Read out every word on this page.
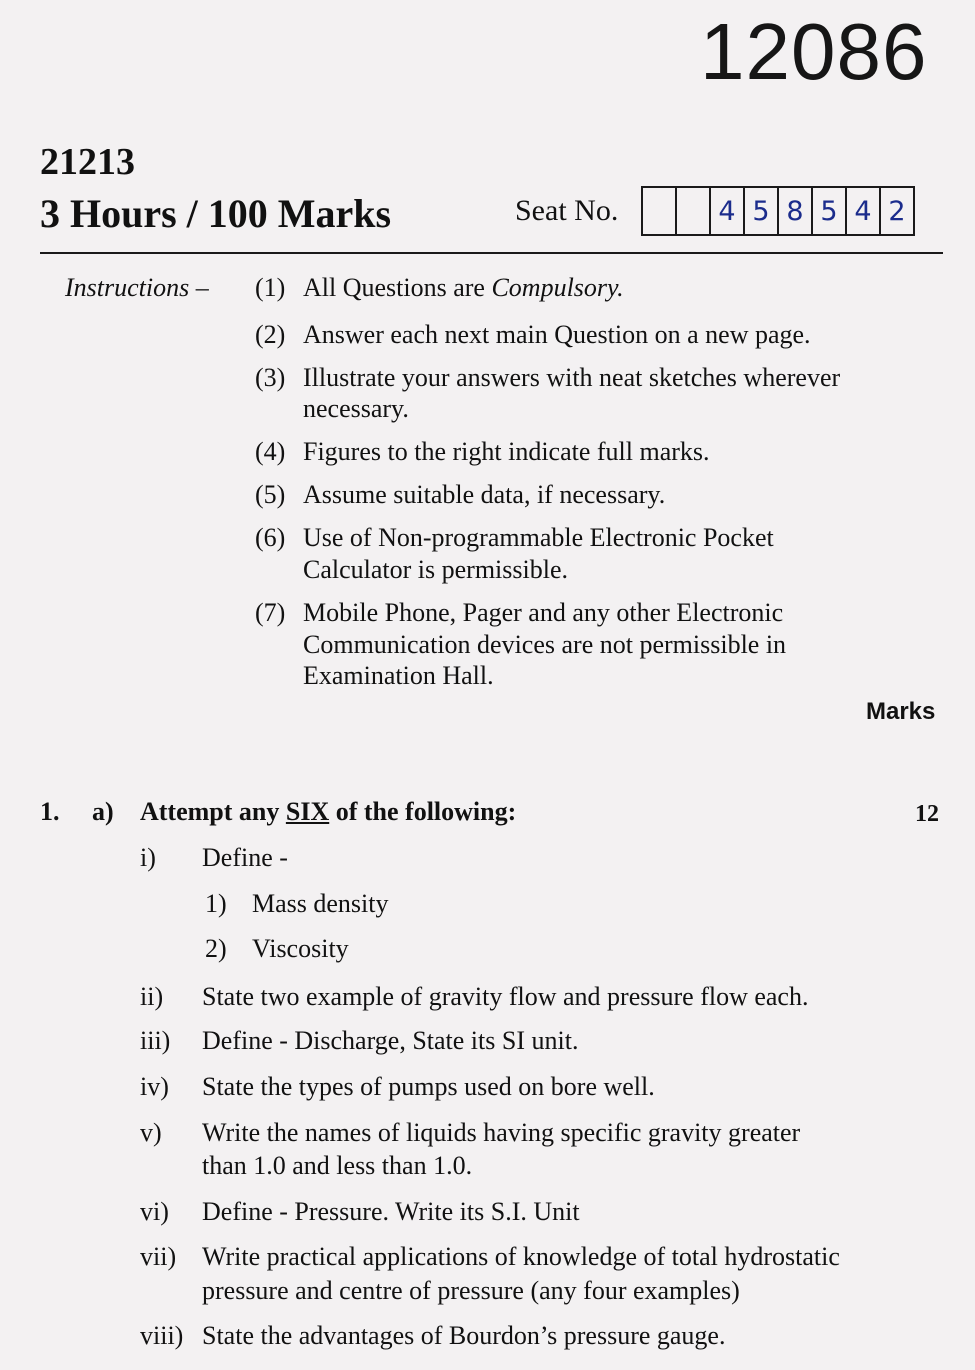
12086
21213
3 Hours / 100 Marks	Seat No.	4 5 8 5 4 2
Instructions – (1) All Questions are Compulsory.
(2) Answer each next main Question on a new page.
(3) Illustrate your answers with neat sketches wherever
necessary.
(4) Figures to the right indicate full marks.
(5) Assume suitable data, if necessary.
(6) Use of Non-programmable Electronic Pocket
Calculator is permissible.
(7) Mobile Phone, Pager and any other Electronic
Communication devices are not permissible in
Examination Hall.
Marks
1. a) Attempt any SIX of the following:	12
i) Define -
1) Mass density
2) Viscosity
ii) State two example of gravity flow and pressure flow each.
iii) Define - Discharge, State its SI unit.
iv) State the types of pumps used on bore well.
v) Write the names of liquids having specific gravity greater
than 1.0 and less than 1.0.
vi) Define - Pressure. Write its S.I. Unit
vii) Write practical applications of knowledge of total hydrostatic
pressure and centre of pressure (any four examples)
viii) State the advantages of Bourdon’s pressure gauge.
